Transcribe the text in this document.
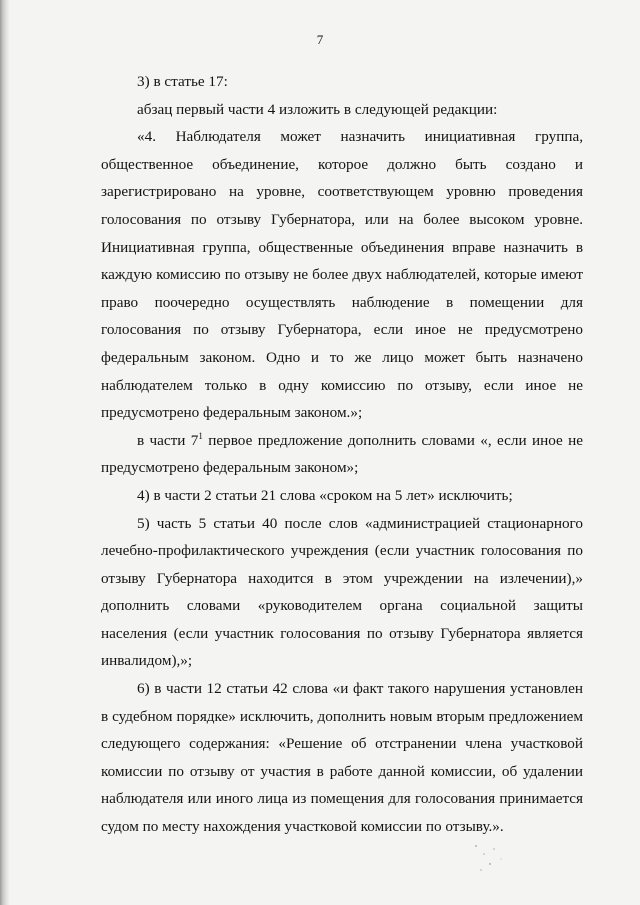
7

3) в статье 17:

абзац первый части 4 изложить в следующей редакции:

«4. Наблюдателя может назначить инициативная группа, общественное объединение, которое должно быть создано и зарегистрировано на уровне, соответствующем уровню проведения голосования по отзыву Губернатора, или на более высоком уровне. Инициативная группа, общественные объединения вправе назначить в каждую комиссию по отзыву не более двух наблюдателей, которые имеют право поочередно осуществлять наблюдение в помещении для голосования по отзыву Губернатора, если иное не предусмотрено федеральным законом. Одно и то же лицо может быть назначено наблюдателем только в одну комиссию по отзыву, если иное не предусмотрено федеральным законом.»;

в части $7^1$ первое предложение дополнить словами «, если иное не предусмотрено федеральным законом»;

4) в части 2 статьи 21 слова «сроком на 5 лет» исключить;

5) часть 5 статьи 40 после слов «администрацией стационарного лечебно-профилактического учреждения (если участник голосования по отзыву Губернатора находится в этом учреждении на излечении),» дополнить словами «руководителем органа социальной защиты населения (если участник голосования по отзыву Губернатора является инвалидом),»;

6) в части 12 статьи 42 слова «и факт такого нарушения установлен в судебном порядке» исключить, дополнить новым вторым предложением следующего содержания: «Решение об отстранении члена участковой комиссии по отзыву от участия в работе данной комиссии, об удалении наблюдателя или иного лица из помещения для голосования принимается судом по месту нахождения участковой комиссии по отзыву.».
